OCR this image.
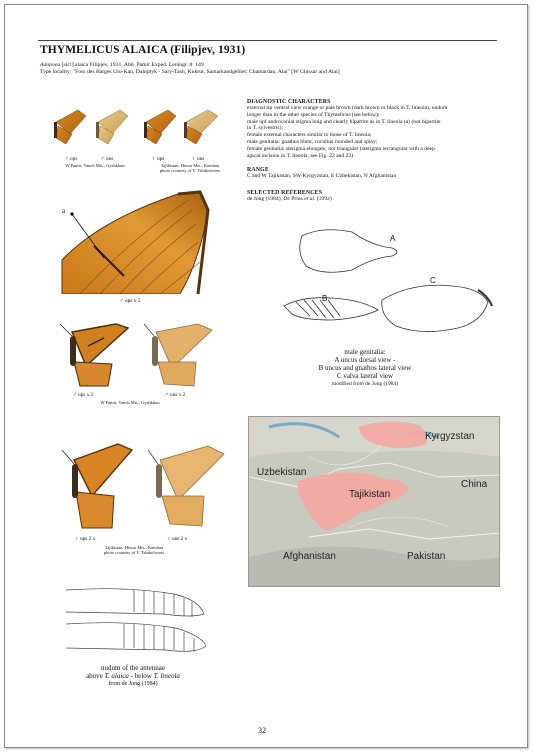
THYMELICUS ALAICA (Filipjev, 1931)
Adopoea [sic!] alaica Filipjev, 1931, Abh. Pamir Exped. Leningr. 8: 149
Type locality: "Foss des Barges Ulu-Kan, Dahiptyk - Sary-Tash, Kukrut, Samarkandgebiet; Chamardan, Alai" [W Ghissar and Alai]
♂ ups	♂ uns	♀ ups	♀ uns
W Pamir, Vanch Mts., Gyshkhun	Tajikistan, Hissar Mts., Kondara
photo courtesy of V. Tshikolovets
a
♂ ups x 5
♂ ups x 2	♂ uns x 2
W Pamir, Vanch Mts., Gyshkhun
♀ ups 2 x	♀ uns 2 x
Tajikistan, Hissar Mts., Kondara
photo courtesy of V. Tshikolovets
nudum of the antennae
above T. alaica - below T. lineola
from de Jong (1984)
DIAGNOSTIC CHARACTERS
external tip ventral view orange or pale brown (dark brown or black in T. lineola), nudum
longer than in the other species of Thymelicus (see below);
male upf androconial stigma long and clearly bipartite as in T. lineola (a) (not bipartite
in T. sylvestris);
female external characters similar to those of T. lineola;
male genitalia: gnathos blunt, cucullus rounded and spiny;
female genitalia: sterigma elongate, not triangular (sterigma rectangular with a deep
apical incision in T. lineola, see Fig. 22 and 23)
RANGE
C and W Tajikistan, SW Kyrgyzstan, E Uzbekistan, N Afghanistan
SELECTED REFERENCES
de Jong (1984), De Prins et al. (1992)
A
B
C
male genitalia:
A uncus dorsal view -
B uncus and gnathos lateral view
C valva lateral view
modified from de Jong (1984)
Kyrgyzstan
Uzbekistan
Tajikistan
China
Afghanistan	Pakistan
32
